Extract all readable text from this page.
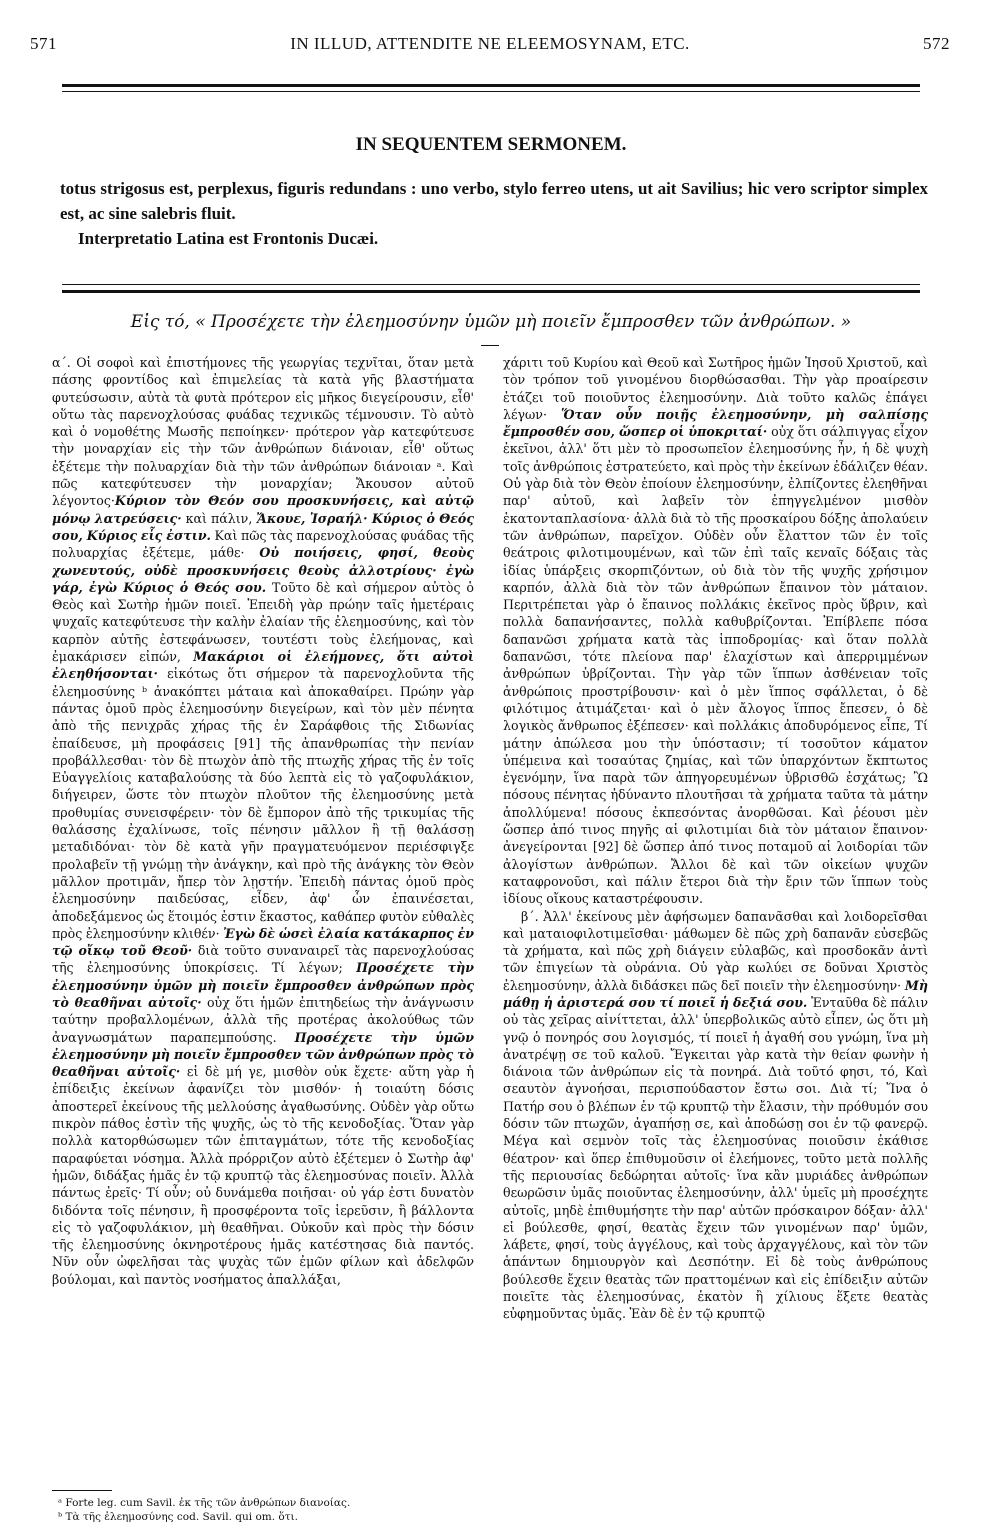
571	IN ILLUD, ATTENDITE NE ELEEMOSYNAM, ETC.	572
IN SEQUENTEM SERMONEM.

totus strigosus est, perplexus, figuris redundans : uno verbo, stylo ferreo utens, ut ait Savilius; hic vero scriptor simplex est, ac sine salebris fluit.

Interpretatio Latina est Frontonis Ducæi.

Εἰς τό, « Προσέχετε τὴν ἐλεημοσύνην ὑμῶν μὴ ποιεῖν ἔμπροσθεν τῶν ἀνθρώπων. »

α΄. Οἱ σοφοὶ καὶ ἐπιστήμονες τῆς γεωργίας τεχνῖται, ὅταν μετὰ πάσης φροντίδος καὶ ἐπιμελείας τὰ κατὰ γῆς βλαστήματα φυτεύσωσιν, αὐτὰ τὰ φυτὰ πρότερον εἰς μῆκος διεγείρουσιν, εἶθ' οὕτω τὰς παρενοχλούσας φυάδας τεχνικῶς τέμνουσιν. Τὸ αὐτὸ καὶ ὁ νομοθέτης Μωσῆς πεποίηκεν· πρότερον γὰρ κατεφύτευσε τὴν μοναρχίαν εἰς τὴν τῶν ἀνθρώπων διάνοιαν, εἶθ' οὕτως ἐξέτεμε τὴν πολυαρχίαν διὰ τὴν τῶν ἀνθρώπων διάνοιαν ᵃ. Καὶ πῶς κατεφύτευσεν τὴν μοναρχίαν; Ἄκουσον αὐτοῦ λέγοντος·Κύριον τὸν Θεόν σου προσκυνήσεις, καὶ αὐτῷ μόνῳ λατρεύσεις· καὶ πάλιν, Ἄκουε, Ἰσραήλ· Κύριος ὁ Θεός σου, Κύριος εἷς ἐστιν. Καὶ πῶς τὰς παρενοχλούσας φυάδας τῆς πολυαρχίας ἐξέτεμε, μάθε· Οὐ ποιήσεις, φησί, θεοὺς χωνευτούς, οὐδὲ προσκυνήσεις θεοὺς ἀλλοτρίους· ἐγὼ γάρ, ἐγὼ Κύριος ὁ Θεός σου. Τοῦτο δὲ καὶ σήμερον αὐτὸς ὁ Θεὸς καὶ Σωτὴρ ἡμῶν ποιεῖ. Ἐπειδὴ γὰρ πρώην ταῖς ἡμετέραις ψυχαῖς κατεφύτευσε τὴν καλὴν ἐλαίαν τῆς ἐλεημοσύνης, καὶ τὸν καρπὸν αὐτῆς ἐστεφάνωσεν, τουτέστι τοὺς ἐλεήμονας, καὶ ἐμακάρισεν εἰπών, Μακάριοι οἱ ἐλεήμονες, ὅτι αὐτοὶ ἐλεηθήσονται· εἰκότως ὅτι σήμερον τὰ παρενοχλοῦντα τῆς ἐλεημοσύνης ᵇ ἀνακόπτει μάταια καὶ ἀποκαθαίρει. Πρώην γὰρ πάντας ὁμοῦ πρὸς ἐλεημοσύνην διεγείρων, καὶ τὸν μὲν πένητα ἀπὸ τῆς πενιχρᾶς χήρας τῆς ἐν Σαράφθοις τῆς Σιδωνίας ἐπαίδευσε, μὴ προφάσεις [91] τῆς ἀπανθρωπίας τὴν πενίαν προβάλλεσθαι· τὸν δὲ πτωχὸν ἀπὸ τῆς πτωχῆς χήρας τῆς ἐν τοῖς Εὐαγγελίοις καταβαλούσης τὰ δύο λεπτὰ εἰς τὸ γαζοφυλάκιον, διήγειρεν, ὥστε τὸν πτωχὸν πλοῦτον τῆς ἐλεημοσύνης μετὰ προθυμίας συνεισφέρειν· τὸν δὲ ἔμπορον ἀπὸ τῆς τρικυμίας τῆς θαλάσσης ἐχαλίνωσε, τοῖς πένησιν μᾶλλον ἢ τῇ θαλάσσῃ μεταδιδόναι· τὸν δὲ κατὰ γῆν πραγματευόμενον περιέσφιγξε προλαβεῖν τῇ γνώμῃ τὴν ἀνάγκην, καὶ πρὸ τῆς ἀνάγκης τὸν Θεὸν μᾶλλον προτιμᾶν, ἤπερ τὸν λῃστήν. Ἐπειδὴ πάντας ὁμοῦ πρὸς ἐλεημοσύνην παιδεύσας, εἶδεν, ἀφ' ὧν ἐπαινέσεται, ἀποδεξάμενος ὡς ἕτοιμός ἐστιν ἕκαστος, καθάπερ φυτὸν εὐθαλὲς πρὸς ἐλεημοσύνην κλιθέν· Ἐγὼ δὲ ὡσεὶ ἐλαία κατάκαρπος ἐν τῷ οἴκῳ τοῦ Θεοῦ· διὰ τοῦτο συναναιρεῖ τὰς παρενοχλούσας τῆς ἐλεημοσύνης ὑποκρίσεις. Τί λέγων; Προσέχετε τὴν ἐλεημοσύνην ὑμῶν μὴ ποιεῖν ἔμπροσθεν ἀνθρώπων πρὸς τὸ θεαθῆναι αὐτοῖς· οὐχ ὅτι ἡμῶν ἐπιτηδείως τὴν ἀνάγνωσιν ταύτην προβαλλομένων, ἀλλὰ τῆς προτέρας ἀκολούθως τῶν ἀναγνωσμάτων παραπεμπούσης. Προσέχετε τὴν ὑμῶν ἐλεημοσύνην μὴ ποιεῖν ἔμπροσθεν τῶν ἀνθρώπων πρὸς τὸ θεαθῆναι αὐτοῖς· εἰ δὲ μή γε, μισθὸν οὐκ ἔχετε· αὕτη γὰρ ἡ ἐπίδειξις ἐκείνων ἀφανίζει τὸν μισθόν· ἡ τοιαύτη δόσις ἀποστερεῖ ἐκείνους τῆς μελλούσης ἀγαθωσύνης. Οὐδὲν γὰρ οὕτω πικρὸν πάθος ἐστὶν τῆς ψυχῆς, ὡς τὸ τῆς κενοδοξίας. Ὅταν γὰρ πολλὰ κατορθώσωμεν τῶν ἐπιταγμάτων, τότε τῆς κενοδοξίας παραφύεται νόσημα. Ἀλλὰ πρόρριζον αὐτὸ ἐξέτεμεν ὁ Σωτὴρ ἀφ' ἡμῶν, διδάξας ἡμᾶς ἐν τῷ κρυπτῷ τὰς ἐλεημοσύνας ποιεῖν. Ἀλλὰ πάντως ἐρεῖς· Τί οὖν; οὐ δυνάμεθα ποιῆσαι· οὐ γάρ ἐστι δυνατὸν διδόντα τοῖς πένησιν, ἢ προσφέροντα τοῖς ἱερεῦσιν, ἢ βάλλοντα εἰς τὸ γαζοφυλάκιον, μὴ θεαθῆναι. Οὐκοῦν καὶ πρὸς τὴν δόσιν τῆς ἐλεημοσύνης ὀκνηροτέρους ἡμᾶς κατέστησας διὰ παντός. Νῦν οὖν ὠφελῆσαι τὰς ψυχὰς τῶν ἐμῶν φίλων καὶ ἀδελφῶν βούλομαι, καὶ παντὸς νοσήματος ἀπαλλάξαι,

χάριτι τοῦ Κυρίου καὶ Θεοῦ καὶ Σωτῆρος ἡμῶν Ἰησοῦ Χριστοῦ, καὶ τὸν τρόπον τοῦ γινομένου διορθώσασθαι. Τὴν γὰρ προαίρεσιν ἐτάζει τοῦ ποιοῦντος ἐλεημοσύνην. Διὰ τοῦτο καλῶς ἐπάγει λέγων· Ὅταν οὖν ποιῇς ἐλεημοσύνην, μὴ σαλπίσῃς ἔμπροσθέν σου, ὥσπερ οἱ ὑποκριταί· οὐχ ὅτι σάλπιγγας εἶχον ἐκεῖνοι, ἀλλ' ὅτι μὲν τὸ προσωπεῖον ἐλεημοσύνης ἦν, ἡ δὲ ψυχὴ τοῖς ἀνθρώποις ἐστρατεύετο, καὶ πρὸς τὴν ἐκείνων ἐδάλιζεν θέαν. Οὐ γὰρ διὰ τὸν Θεὸν ἐποίουν ἐλεημοσύνην, ἐλπίζοντες ἐλεηθῆναι παρ' αὐτοῦ, καὶ λαβεῖν τὸν ἐπηγγελμένον μισθὸν ἑκατονταπλασίονα· ἀλλὰ διὰ τὸ τῆς προσκαίρου δόξης ἀπολαύειν τῶν ἀνθρώπων, παρεῖχον. Οὐδὲν οὖν ἔλαττον τῶν ἐν τοῖς θεάτροις φιλοτιμουμένων, καὶ τῶν ἐπὶ ταῖς κεναῖς δόξαις τὰς ἰδίας ὑπάρξεις σκορπιζόντων, οὐ διὰ τὸν τῆς ψυχῆς χρήσιμον καρπόν, ἀλλὰ διὰ τὸν τῶν ἀνθρώπων ἔπαινον τὸν μάταιον. Περιτρέπεται γὰρ ὁ ἔπαινος πολλάκις ἐκεῖνος πρὸς ὕβριν, καὶ πολλὰ δαπανήσαντες, πολλὰ καθυβρίζονται. Ἐπίβλεπε πόσα δαπανῶσι χρήματα κατὰ τὰς ἱπποδρομίας· καὶ ὅταν πολλὰ δαπανῶσι, τότε πλείονα παρ' ἐλαχίστων καὶ ἀπερριμμένων ἀνθρώπων ὑβρίζονται. Τὴν γὰρ τῶν ἵππων ἀσθένειαν τοῖς ἀνθρώποις προστρίβουσιν· καὶ ὁ μὲν ἵππος σφάλλεται, ὁ δὲ φιλότιμος ἀτιμάζεται· καὶ ὁ μὲν ἄλογος ἵππος ἔπεσεν, ὁ δὲ λογικὸς ἄνθρωπος ἐξέπεσεν· καὶ πολλάκις ἀποδυρόμενος εἶπε, Τί μάτην ἀπώλεσα μου τὴν ὑπόστασιν; τί τοσοῦτον κάματον ὑπέμεινα καὶ τοσαύτας ζημίας, καὶ τῶν ὑπαρχόντων ἔκπτωτος ἐγενόμην, ἵνα παρὰ τῶν ἀπηγορευμένων ὑβρισθῶ ἐσχάτως; Ὢ πόσους πένητας ἠδύναντο πλουτῆσαι τὰ χρήματα ταῦτα τὰ μάτην ἀπολλύμενα! πόσους ἐκπεσόντας ἀνορθῶσαι. Καὶ ῥέουσι μὲν ὥσπερ ἀπό τινος πηγῆς αἱ φιλοτιμίαι διὰ τὸν μάταιον ἔπαινον· ἀνεγείρονται [92] δὲ ὥσπερ ἀπό τινος ποταμοῦ αἱ λοιδορίαι τῶν ἀλογίστων ἀνθρώπων. Ἄλλοι δὲ καὶ τῶν οἰκείων ψυχῶν καταφρονοῦσι, καὶ πάλιν ἔτεροι διὰ τὴν ἔριν τῶν ἵππων τοὺς ἰδίους οἴκους καταστρέφουσιν.

β΄. Ἀλλ' ἐκείνους μὲν ἀφήσωμεν δαπανᾶσθαι καὶ λοιδορεῖσθαι καὶ ματαιοφιλοτιμεῖσθαι· μάθωμεν δὲ πῶς χρὴ δαπανᾶν εὐσεβῶς τὰ χρήματα, καὶ πῶς χρὴ διάγειν εὐλαβῶς, καὶ προσδοκᾶν ἀντὶ τῶν ἐπιγείων τὰ οὐράνια. Οὐ γὰρ κωλύει σε δοῦναι Χριστὸς ἐλεημοσύνην, ἀλλὰ διδάσκει πῶς δεῖ ποιεῖν τὴν ἐλεημοσύνην· Μὴ μάθῃ ἡ ἀριστερά σου τί ποιεῖ ἡ δεξιά σου. Ἐνταῦθα δὲ πάλιν οὐ τὰς χεῖρας αἰνίττεται, ἀλλ' ὑπερβολικῶς αὐτὸ εἶπεν, ὡς ὅτι μὴ γνῷ ὁ πονηρός σου λογισμός, τί ποιεῖ ἡ ἀγαθή σου γνώμη, ἵνα μὴ ἀνατρέψῃ σε τοῦ καλοῦ. Ἔγκειται γὰρ κατὰ τὴν θείαν φωνὴν ἡ διάνοια τῶν ἀνθρώπων εἰς τὰ πονηρά. Διὰ τοῦτό φησι, τό, Καὶ σεαυτὸν ἀγνοήσαι, περισπούδαστον ἔστω σοι. Διὰ τί; Ἵνα ὁ Πατήρ σου ὁ βλέπων ἐν τῷ κρυπτῷ τὴν ἔλασιν, τὴν πρόθυμόν σου δόσιν τῶν πτωχῶν, ἀγαπήσῃ σε, καὶ ἀποδώσῃ σοι ἐν τῷ φανερῷ. Μέγα καὶ σεμνὸν τοῖς τὰς ἐλεημοσύνας ποιοῦσιν ἐκάθισε θέατρον· καὶ ὅπερ ἐπιθυμοῦσιν οἱ ἐλεήμονες, τοῦτο μετὰ πολλῆς τῆς περιουσίας δεδώρηται αὐτοῖς· ἵνα κἂν μυριάδες ἀνθρώπων θεωρῶσιν ὑμᾶς ποιοῦντας ἐλεημοσύνην, ἀλλ' ὑμεῖς μὴ προσέχητε αὐτοῖς, μηδὲ ἐπιθυμήσητε τὴν παρ' αὐτῶν πρόσκαιρον δόξαν· ἀλλ' εἰ βούλεσθε, φησί, θεατὰς ἔχειν τῶν γινομένων παρ' ὑμῶν, λάβετε, φησί, τοὺς ἀγγέλους, καὶ τοὺς ἀρχαγγέλους, καὶ τὸν τῶν ἁπάντων δημιουργὸν καὶ Δεσπότην. Εἰ δὲ τοὺς ἀνθρώπους βούλεσθε ἔχειν θεατὰς τῶν πραττομένων καὶ εἰς ἐπίδειξιν αὐτῶν ποιεῖτε τὰς ἐλεημοσύνας, ἑκατὸν ἢ χίλιους ἕξετε θεατὰς εὐφημοῦντας ὑμᾶς. Ἐὰν δὲ ἐν τῷ κρυπτῷ

ᵃ Forte leg. cum Savil. ἐκ τῆς τῶν ἀνθρώπων διανοίας.

ᵇ Τὰ τῆς ἐλεημοσύνης cod. Savil. qui om. ὅτι.
